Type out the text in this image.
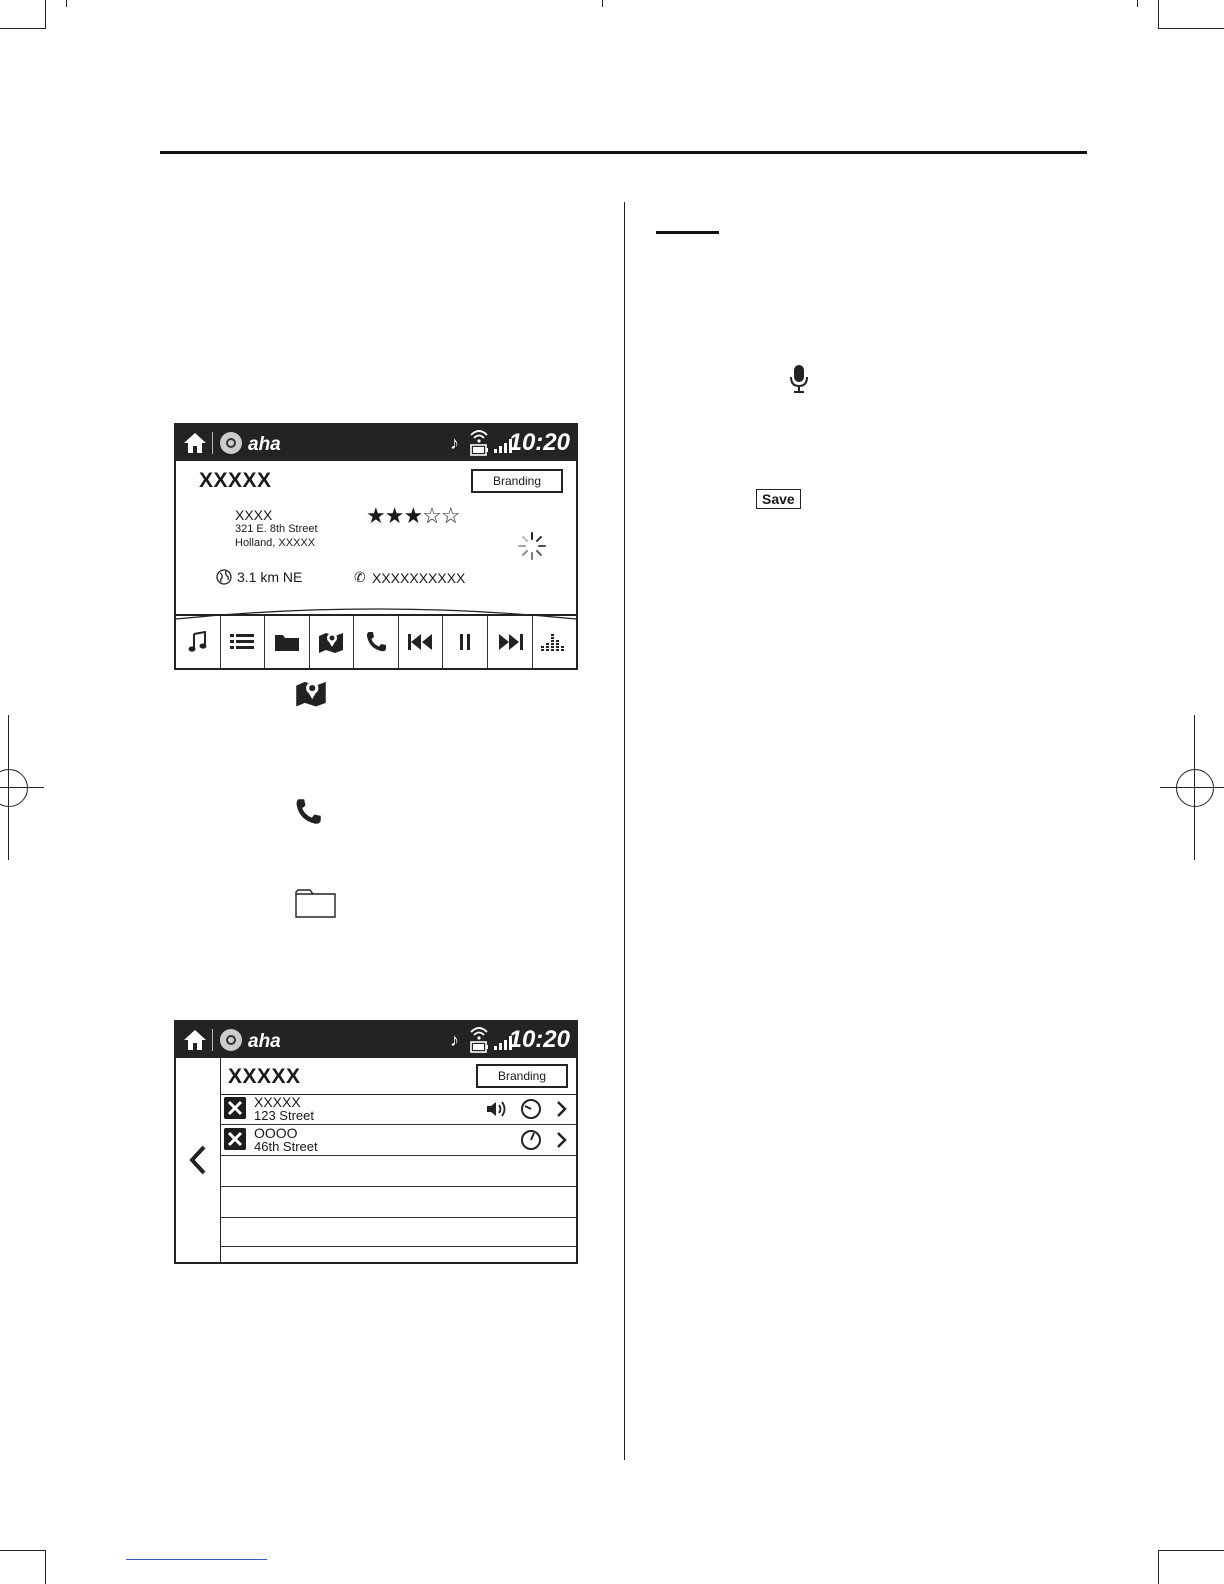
aha	♪ 10:20
XXXXX	Branding
XXXX
321 E. 8th Street
Holland, XXXXX
★★★☆☆
3.1 km NE	✆ XXXXXXXXXX
Save
aha	♪ 10:20
XXXXX	Branding
XXXXX
123 Street
OOOO
46th Street
